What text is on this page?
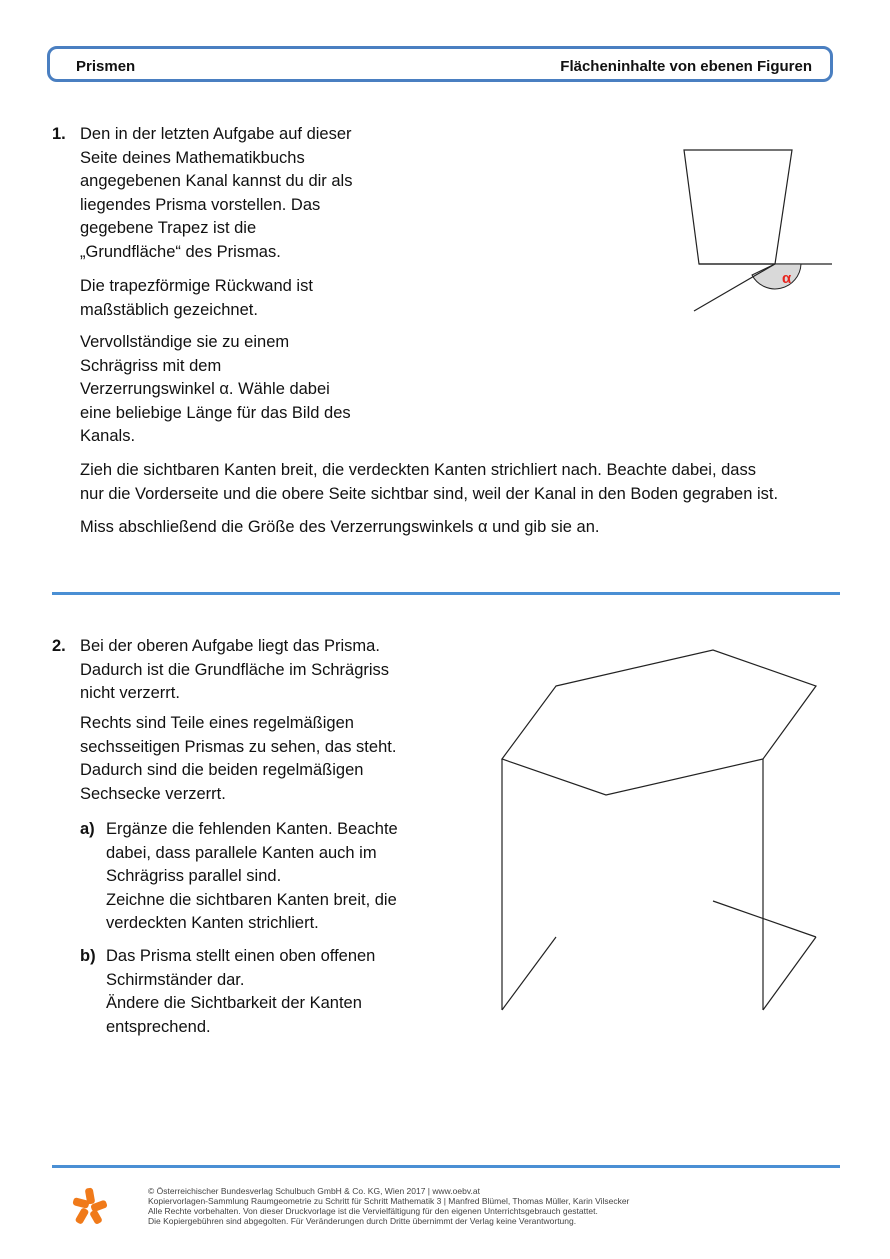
Prismen	Flächeninhalte von ebenen Figuren
1. Den in der letzten Aufgabe auf dieser
Seite deines Mathematikbuchs
angegebenen Kanal kannst du dir als
liegendes Prisma vorstellen. Das
gegebene Trapez ist die
„Grundfläche“ des Prismas.
Die trapezförmige Rückwand ist
maßstäblich gezeichnet.
Vervollständige sie zu einem
Schrägriss mit dem
Verzerrungswinkel α. Wähle dabei
eine beliebige Länge für das Bild des
Kanals.
Zieh die sichtbaren Kanten breit, die verdeckten Kanten strichliert nach. Beachte dabei, dass
nur die Vorderseite und die obere Seite sichtbar sind, weil der Kanal in den Boden gegraben ist.
Miss abschließend die Größe des Verzerrungswinkels α und gib sie an.
α
2. Bei der oberen Aufgabe liegt das Prisma.
Dadurch ist die Grundfläche im Schrägriss
nicht verzerrt.
Rechts sind Teile eines regelmäßigen
sechsseitigen Prismas zu sehen, das steht.
Dadurch sind die beiden regelmäßigen
Sechsecke verzerrt.
a) Ergänze die fehlenden Kanten. Beachte
dabei, dass parallele Kanten auch im
Schrägriss parallel sind.
Zeichne die sichtbaren Kanten breit, die
verdeckten Kanten strichliert.
b) Das Prisma stellt einen oben offenen
Schirmständer dar.
Ändere die Sichtbarkeit der Kanten
entsprechend.
© Österreichischer Bundesverlag Schulbuch GmbH & Co. KG, Wien 2017 | www.oebv.at
Kopiervorlagen-Sammlung Raumgeometrie zu Schritt für Schritt Mathematik 3 | Manfred Blümel, Thomas Müller, Karin Vilsecker
Alle Rechte vorbehalten. Von dieser Druckvorlage ist die Vervielfältigung für den eigenen Unterrichtsgebrauch gestattet.
Die Kopiergebühren sind abgegolten. Für Veränderungen durch Dritte übernimmt der Verlag keine Verantwortung.
